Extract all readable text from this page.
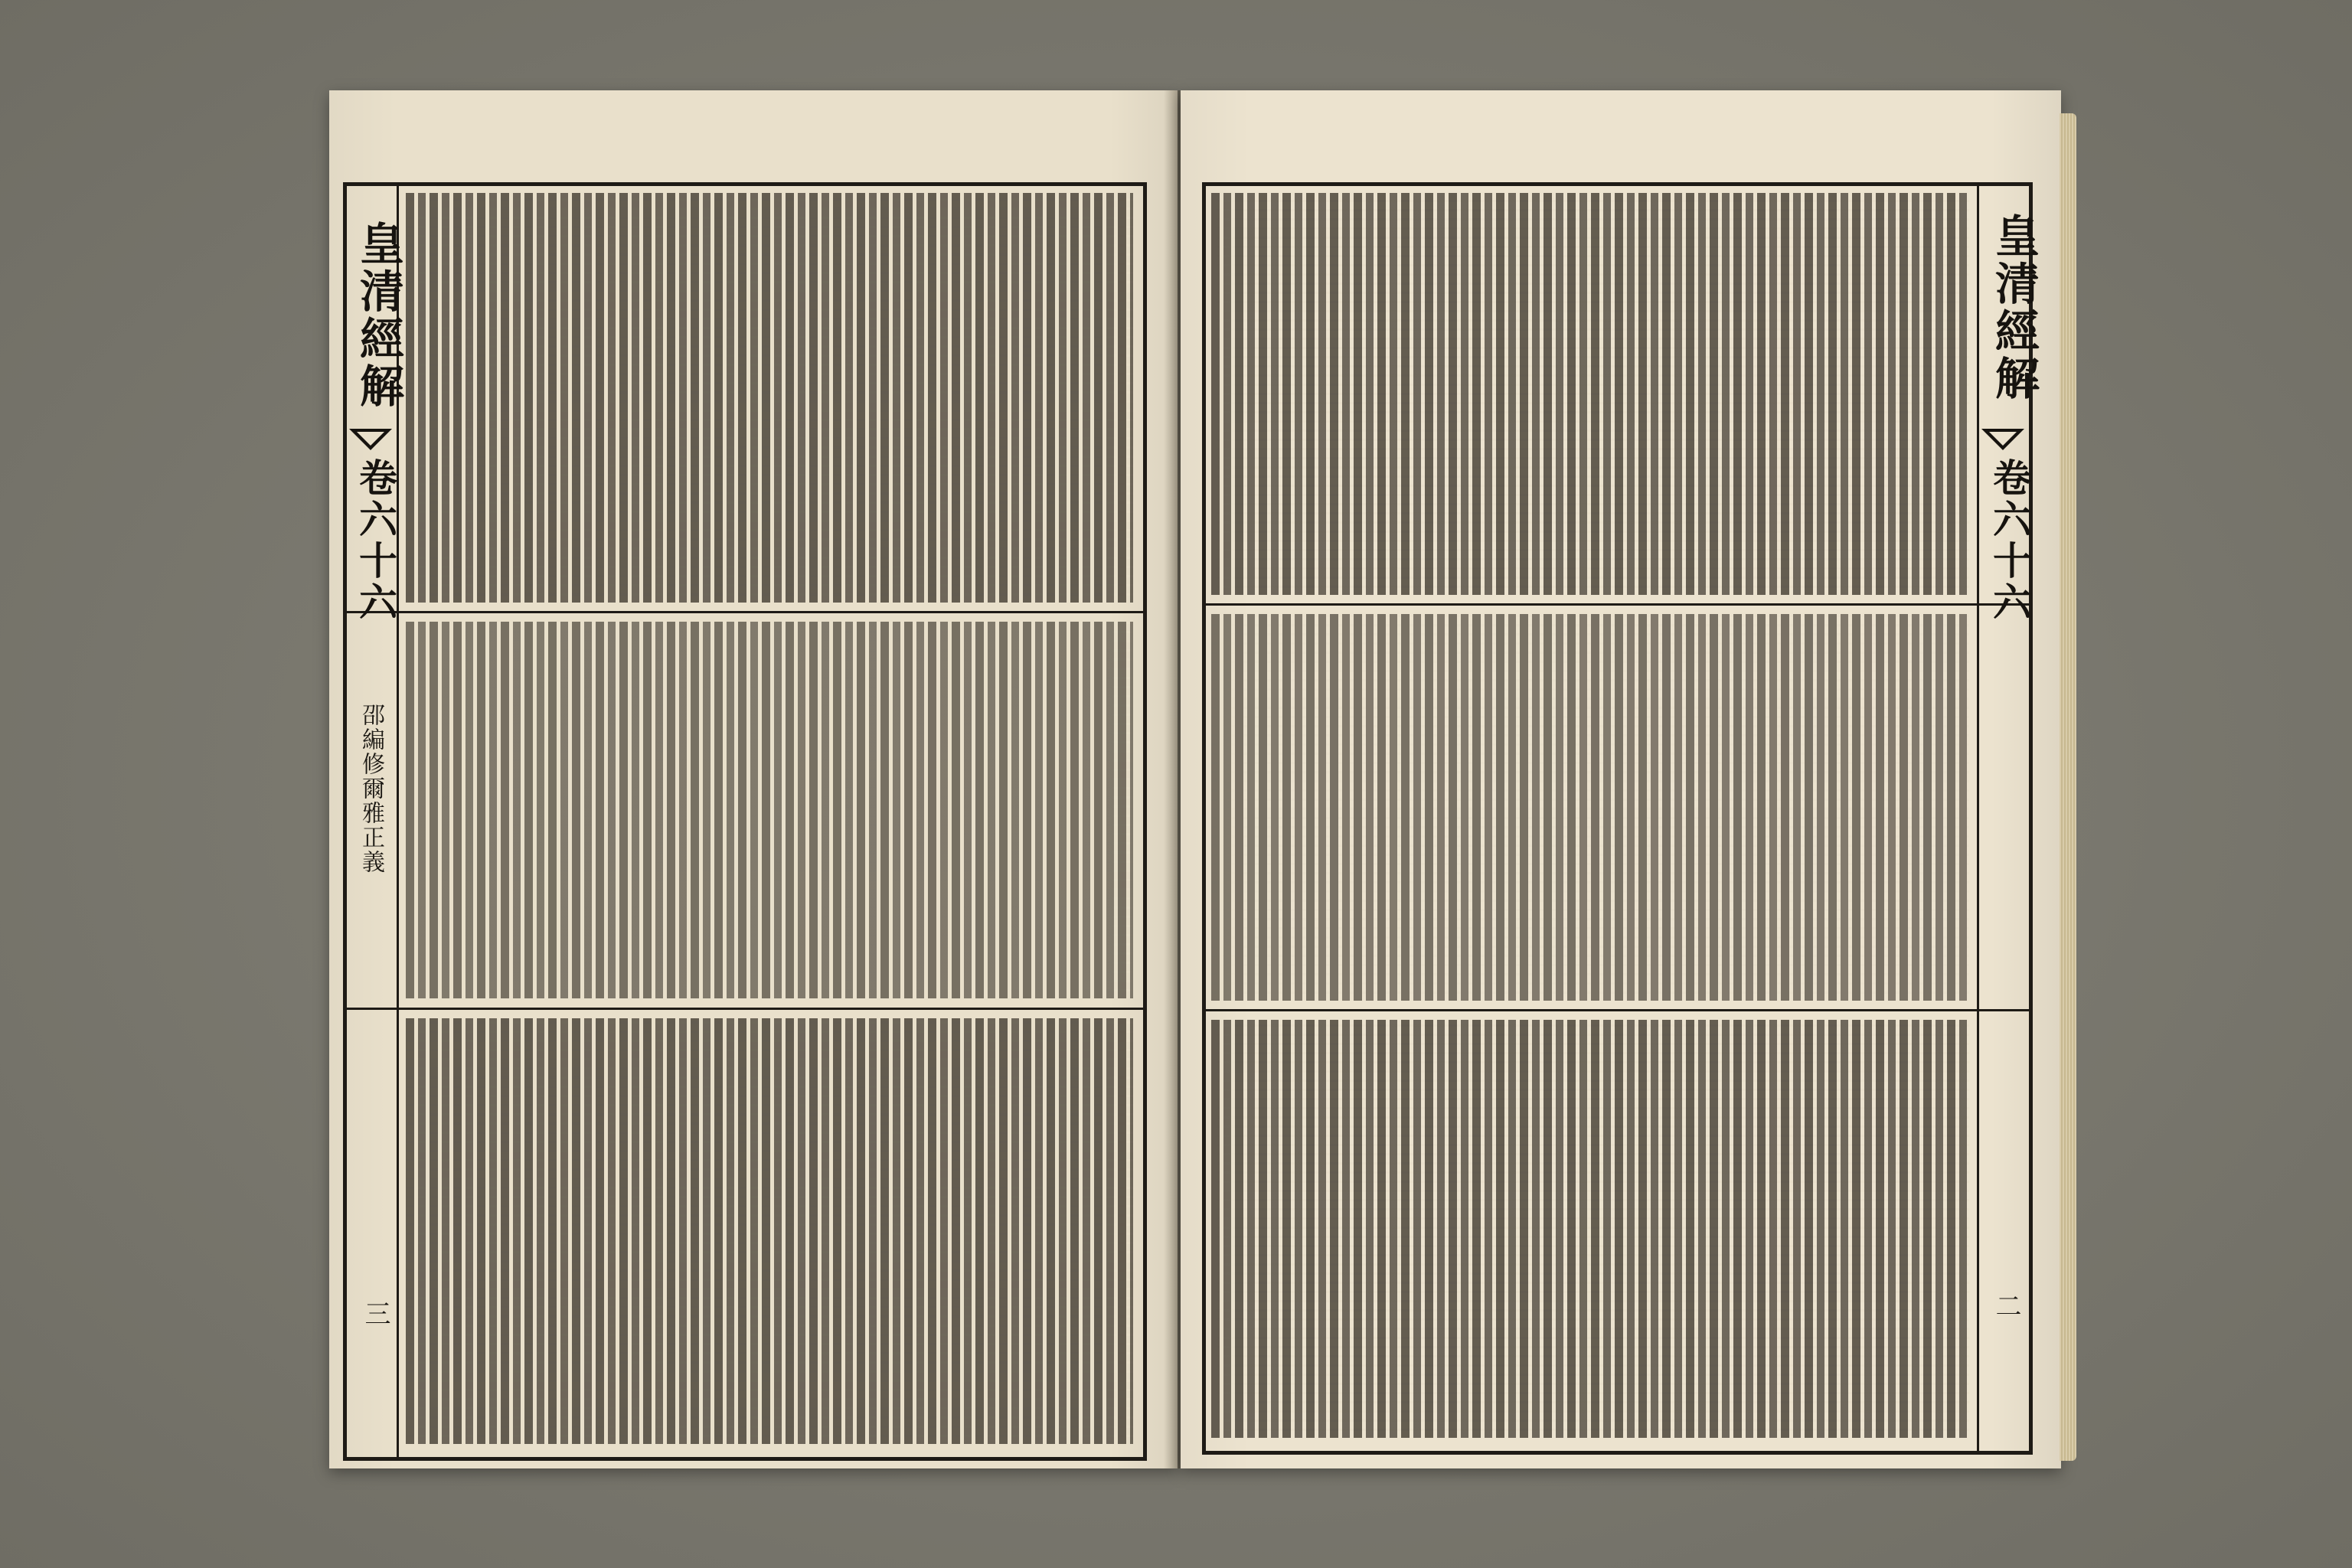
皇清經解
卷六十六
邵編修爾雅正義
三
皇清經解
卷六十六
二
